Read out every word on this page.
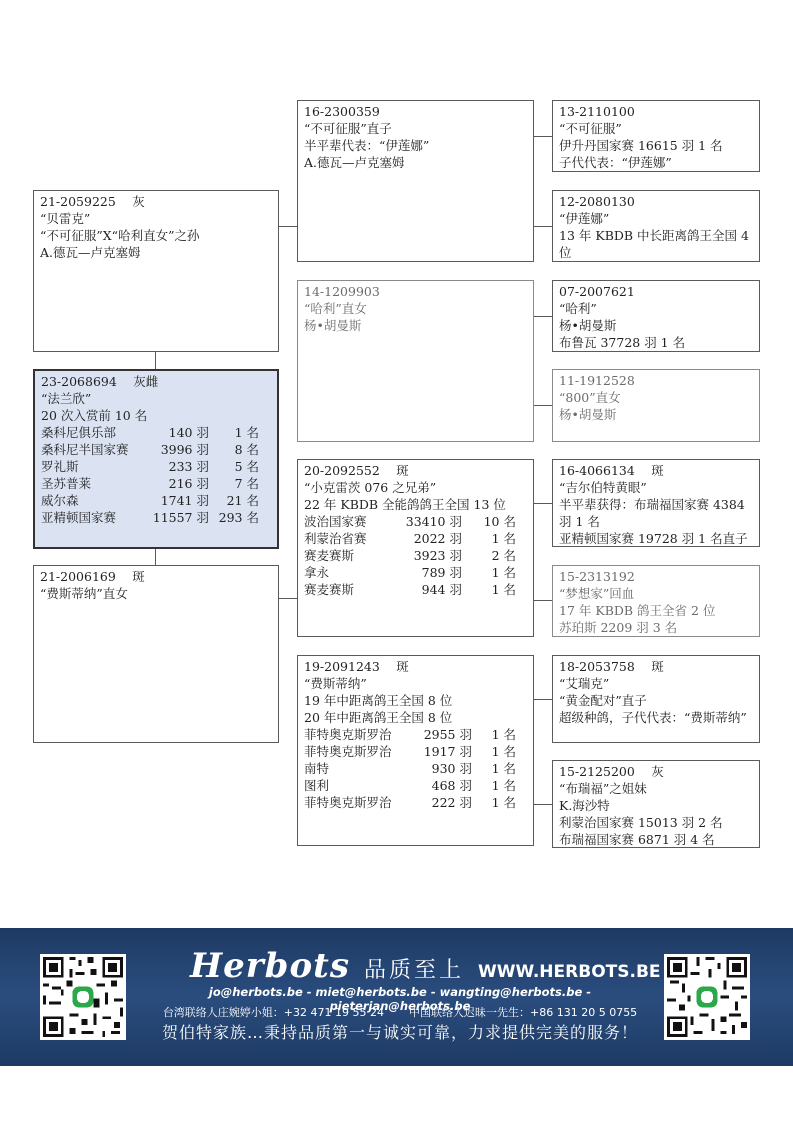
21-2059225　 灰
“贝雷克”
“不可征服”X“哈利直女”之孙
A.德瓦—卢克塞姆
23-2068694　 灰雌
“法兰欣”
20 次入赏前 10 名
桑科尼俱乐部	140 羽	1 名
桑科尼半国家赛	3996 羽	8 名
罗礼斯	233 羽	5 名
圣苏普莱	216 羽	7 名
威尔森	1741 羽	21 名
亚精顿国家赛	11557 羽 293 名
21-2006169　 斑
“费斯蒂纳”直女
16-2300359
“不可征服”直子
半平辈代表：“伊莲娜”
A.德瓦—卢克塞姆
14-1209903
“哈利”直女
杨•胡曼斯
20-2092552　 斑
“小克雷茨 076 之兄弟”
22 年 KBDB 全能鸽鸽王全国 13 位
波治国家赛	33410 羽	10 名
利蒙治省赛	2022 羽	1 名
赛麦赛斯	3923 羽	2 名
拿永	789 羽	1 名
赛麦赛斯	944 羽	1 名
19-2091243　 斑
“费斯蒂纳”
19 年中距离鸽王全国 8 位
20 年中距离鸽王全国 8 位
菲特奥克斯罗治	2955 羽	1 名
菲特奥克斯罗治	1917 羽	1 名
南特	930 羽	1 名
图利	468 羽	1 名
菲特奥克斯罗治	222 羽	1 名
13-2110100
“不可征服”
伊升丹国家赛 16615 羽 1 名
子代代表：“伊莲娜”
12-2080130
“伊莲娜”
13 年 KBDB 中长距离鸽王全国 4 位
07-2007621
“哈利”
杨•胡曼斯
布鲁瓦 37728 羽 1 名
11-1912528
“800”直女
杨•胡曼斯
16-4066134　 斑
“吉尔伯特黄眼”
半平辈获得：布瑞福国家赛 4384 羽 1 名
亚精顿国家赛 19728 羽 1 名直子
15-2313192
“梦想家”回血
17 年 KBDB 鸽王全省 2 位
苏珀斯 2209 羽 3 名
18-2053758　 斑
“艾瑞克”
“黄金配对”直子
超级种鸽，子代代表：“费斯蒂纳”
15-2125200　 灰
“布瑞福”之姐妹
K.海沙特
利蒙治国家赛 15013 羽 2 名
布瑞福国家赛 6871 羽 4 名
Herbots 品质至上 WWW.HERBOTS.BE
jo@herbots.be - miet@herbots.be - wangting@herbots.be - pieterjan@herbots.be
台湾联络人庄婉婷小姐：+32 471 19 55 24 中国联络人迟昧一先生：+86 131 20 5 0755
贺伯特家族…秉持品质第一与诚实可靠，力求提供完美的服务！
